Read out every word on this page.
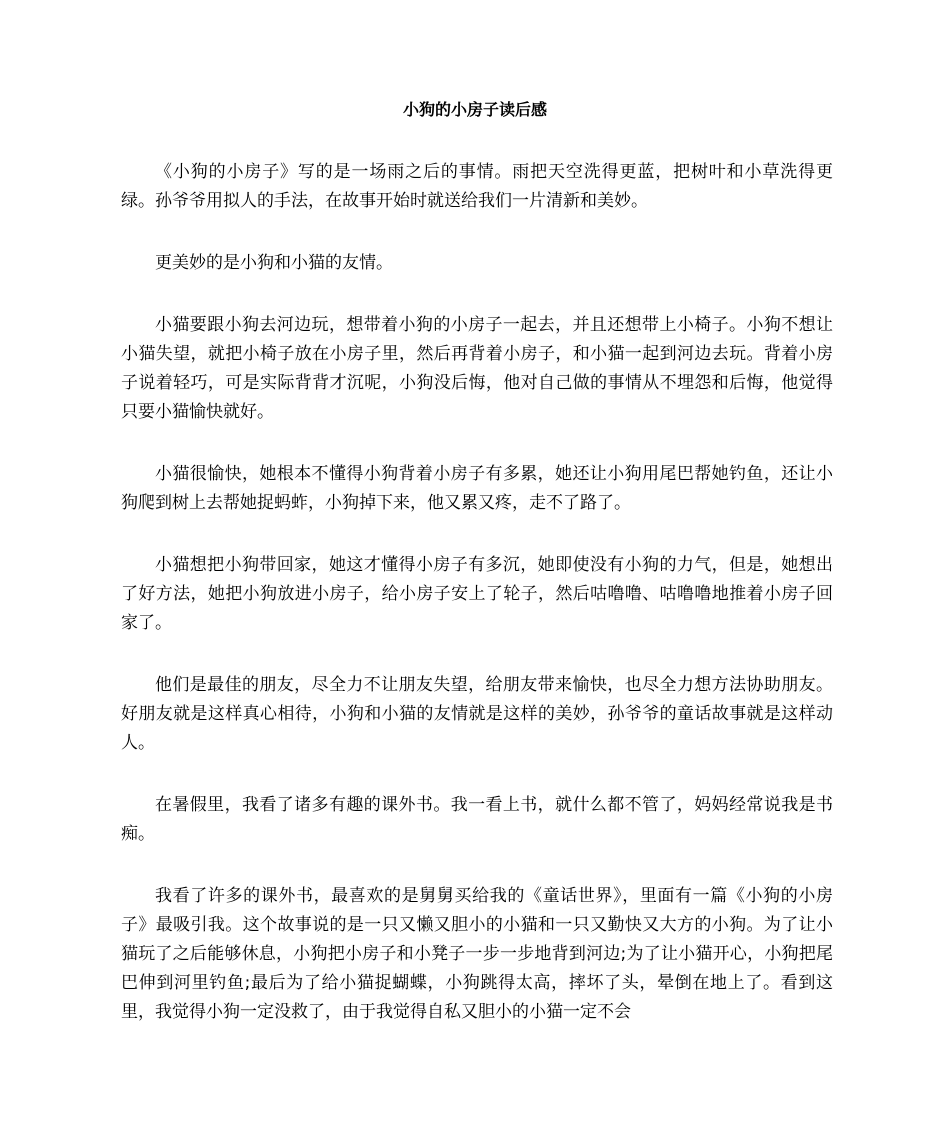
小狗的小房子读后感

《小狗的小房子》写的是一场雨之后的事情。雨把天空洗得更蓝，把树叶和小草洗得更绿。孙爷爷用拟人的手法，在故事开始时就送给我们一片清新和美妙。

更美妙的是小狗和小猫的友情。

小猫要跟小狗去河边玩，想带着小狗的小房子一起去，并且还想带上小椅子。小狗不想让小猫失望，就把小椅子放在小房子里，然后再背着小房子，和小猫一起到河边去玩。背着小房子说着轻巧，可是实际背背才沉呢，小狗没后悔，他对自己做的事情从不埋怨和后悔，他觉得只要小猫愉快就好。

小猫很愉快，她根本不懂得小狗背着小房子有多累，她还让小狗用尾巴帮她钓鱼，还让小狗爬到树上去帮她捉蚂蚱，小狗掉下来，他又累又疼，走不了路了。

小猫想把小狗带回家，她这才懂得小房子有多沉，她即使没有小狗的力气，但是，她想出了好方法，她把小狗放进小房子，给小房子安上了轮子，然后咕噜噜、咕噜噜地推着小房子回家了。

他们是最佳的朋友，尽全力不让朋友失望，给朋友带来愉快，也尽全力想方法协助朋友。好朋友就是这样真心相待，小狗和小猫的友情就是这样的美妙，孙爷爷的童话故事就是这样动人。

在暑假里，我看了诸多有趣的课外书。我一看上书，就什么都不管了，妈妈经常说我是书痴。

我看了许多的课外书，最喜欢的是舅舅买给我的《童话世界》，里面有一篇《小狗的小房子》最吸引我。这个故事说的是一只又懒又胆小的小猫和一只又勤快又大方的小狗。为了让小猫玩了之后能够休息，小狗把小房子和小凳子一步一步地背到河边;为了让小猫开心，小狗把尾巴伸到河里钓鱼;最后为了给小猫捉蝴蝶，小狗跳得太高，摔坏了头，晕倒在地上了。看到这里，我觉得小狗一定没救了，由于我觉得自私又胆小的小猫一定不会
